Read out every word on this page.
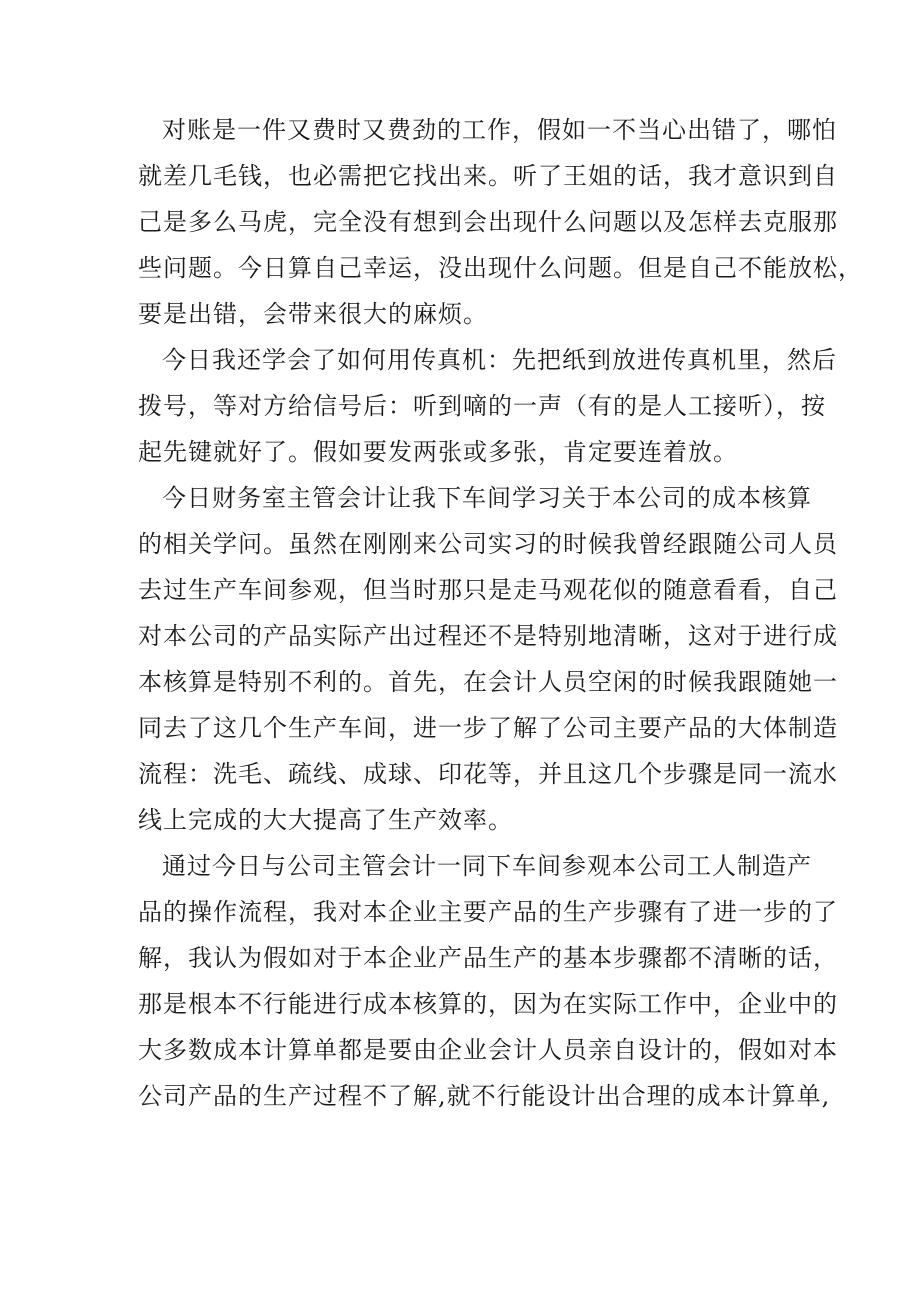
对账是一件又费时又费劲的工作，假如一不当心出错了，哪怕
就差几毛钱，也必需把它找出来。听了王姐的话，我才意识到自
己是多么马虎，完全没有想到会出现什么问题以及怎样去克服那
些问题。今日算自己幸运，没出现什么问题。但是自己不能放松，
要是出错，会带来很大的麻烦。
今日我还学会了如何用传真机：先把纸到放进传真机里，然后
拨号，等对方给信号后：听到嘀的一声（有的是人工接听），按
起先键就好了。假如要发两张或多张，肯定要连着放。
今日财务室主管会计让我下车间学习关于本公司的成本核算
的相关学问。虽然在刚刚来公司实习的时候我曾经跟随公司人员
去过生产车间参观，但当时那只是走马观花似的随意看看，自己
对本公司的产品实际产出过程还不是特别地清晰，这对于进行成
本核算是特别不利的。首先，在会计人员空闲的时候我跟随她一
同去了这几个生产车间，进一步了解了公司主要产品的大体制造
流程：洗毛、疏线、成球、印花等，并且这几个步骤是同一流水
线上完成的大大提高了生产效率。
通过今日与公司主管会计一同下车间参观本公司工人制造产
品的操作流程，我对本企业主要产品的生产步骤有了进一步的了
解，我认为假如对于本企业产品生产的基本步骤都不清晰的话，
那是根本不行能进行成本核算的，因为在实际工作中，企业中的
大多数成本计算单都是要由企业会计人员亲自设计的，假如对本
公司产品的生产过程不了解,就不行能设计出合理的成本计算单,
